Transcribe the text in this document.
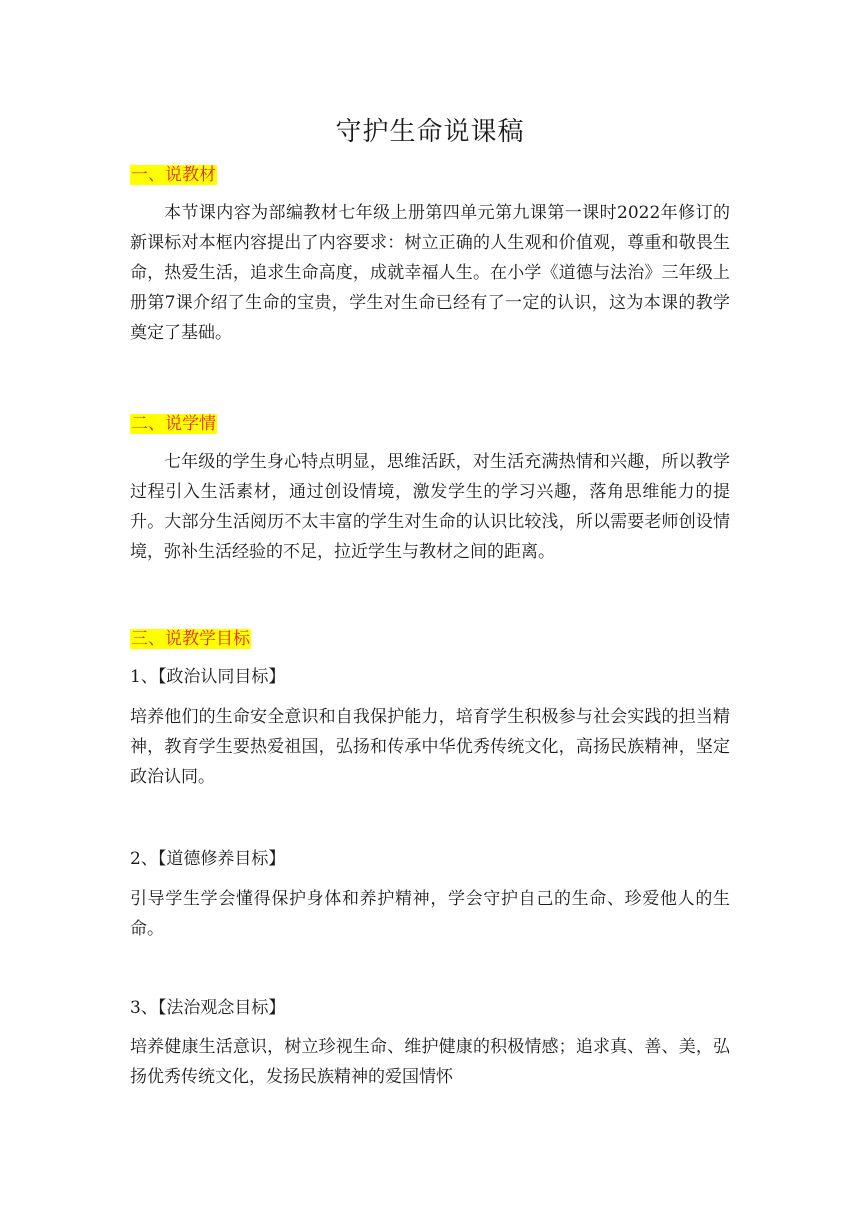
守护生命说课稿
一、说教材

本节课内容为部编教材七年级上册第四单元第九课第一课时2022年修订的新课标对本框内容提出了内容要求：树立正确的人生观和价值观，尊重和敬畏生命，热爱生活，追求生命高度，成就幸福人生。在小学《道德与法治》三年级上册第7课介绍了生命的宝贵，学生对生命已经有了一定的认识，这为本课的教学奠定了基础。

二、说学情

七年级的学生身心特点明显，思维活跃，对生活充满热情和兴趣，所以教学过程引入生活素材，通过创设情境，激发学生的学习兴趣，落角思维能力的提升。大部分生活阅历不太丰富的学生对生命的认识比较浅，所以需要老师创设情境，弥补生活经验的不足，拉近学生与教材之间的距离。

三、说教学目标
1、【政治认同目标】

培养他们的生命安全意识和自我保护能力，培育学生积极参与社会实践的担当精神，教育学生要热爱祖国，弘扬和传承中华优秀传统文化，高扬民族精神，坚定政治认同。

2、【道德修养目标】

引导学生学会懂得保护身体和养护精神，学会守护自己的生命、珍爱他人的生命。

3、【法治观念目标】

培养健康生活意识，树立珍视生命、维护健康的积极情感；追求真、善、美，弘扬优秀传统文化，发扬民族精神的爱国情怀
